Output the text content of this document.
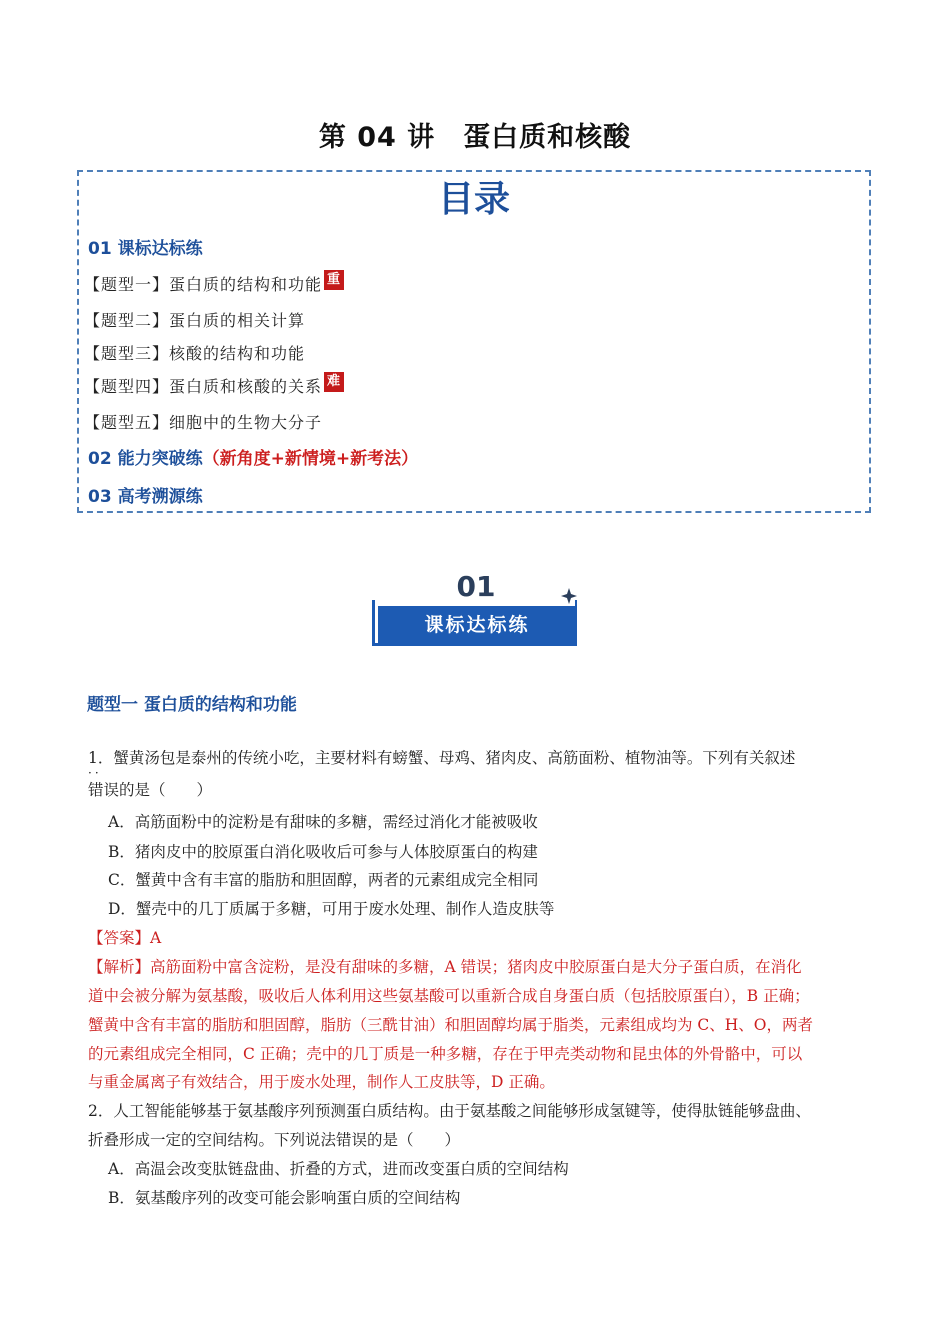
第 04 讲 蛋白质和核酸
目录
01 课标达标练
【题型一】蛋白质的结构和功能 重
【题型二】蛋白质的相关计算
【题型三】核酸的结构和功能
【题型四】蛋白质和核酸的关系 难
【题型五】细胞中的生物大分子
02 能力突破练（新角度+新情境+新考法）
03 高考溯源练
01
课标达标练
题型一 蛋白质的结构和功能
1．蟹黄汤包是泰州的传统小吃，主要材料有螃蟹、母鸡、猪肉皮、高筋面粉、植物油等。下列有关叙述
··
错误的是（　　）
A．高筋面粉中的淀粉是有甜味的多糖，需经过消化才能被吸收
B．猪肉皮中的胶原蛋白消化吸收后可参与人体胶原蛋白的构建
C．蟹黄中含有丰富的脂肪和胆固醇，两者的元素组成完全相同
D．蟹壳中的几丁质属于多糖，可用于废水处理、制作人造皮肤等
【答案】A
【解析】高筋面粉中富含淀粉，是没有甜味的多糖，A 错误；猪肉皮中胶原蛋白是大分子蛋白质，在消化
道中会被分解为氨基酸，吸收后人体利用这些氨基酸可以重新合成自身蛋白质（包括胶原蛋白），B 正确；
蟹黄中含有丰富的脂肪和胆固醇，脂肪（三酰甘油）和胆固醇均属于脂类，元素组成均为 C、H、O，两者
的元素组成完全相同，C 正确；壳中的几丁质是一种多糖，存在于甲壳类动物和昆虫体的外骨骼中，可以
与重金属离子有效结合，用于废水处理，制作人工皮肤等，D 正确。
2．人工智能能够基于氨基酸序列预测蛋白质结构。由于氨基酸之间能够形成氢键等，使得肽链能够盘曲、
折叠形成一定的空间结构。下列说法错误的是（　　）
A．高温会改变肽链盘曲、折叠的方式，进而改变蛋白质的空间结构
B．氨基酸序列的改变可能会影响蛋白质的空间结构
